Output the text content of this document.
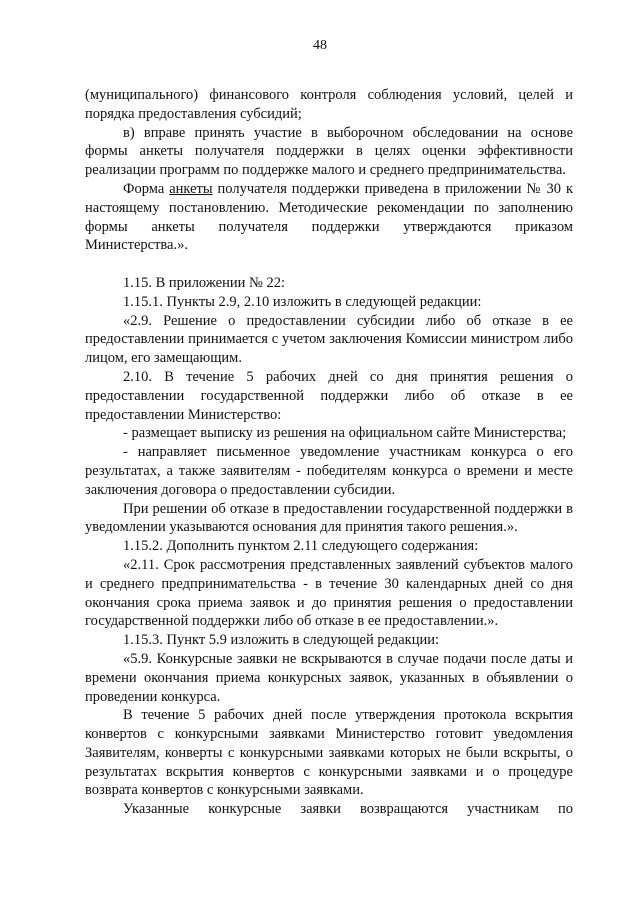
48

(муниципального) финансового контроля соблюдения условий, целей и порядка предоставления субсидий;

в) вправе принять участие в выборочном обследовании на основе формы анкеты получателя поддержки в целях оценки эффективности реализации программ по поддержке малого и среднего предпринимательства.

Форма анкеты получателя поддержки приведена в приложении № 30 к настоящему постановлению. Методические рекомендации по заполнению формы анкеты получателя поддержки утверждаются приказом Министерства.».

1.15. В приложении № 22:

1.15.1. Пункты 2.9, 2.10 изложить в следующей редакции:

«2.9. Решение о предоставлении субсидии либо об отказе в ее предоставлении принимается с учетом заключения Комиссии министром либо лицом, его замещающим.

2.10. В течение 5 рабочих дней со дня принятия решения о предоставлении государственной поддержки либо об отказе в ее предоставлении Министерство:

- размещает выписку из решения на официальном сайте Министерства;

- направляет письменное уведомление участникам конкурса о его результатах, а также заявителям - победителям конкурса о времени и месте заключения договора о предоставлении субсидии.

При решении об отказе в предоставлении государственной поддержки в уведомлении указываются основания для принятия такого решения.».

1.15.2. Дополнить пунктом 2.11 следующего содержания:

«2.11. Срок рассмотрения представленных заявлений субъектов малого и среднего предпринимательства - в течение 30 календарных дней со дня окончания срока приема заявок и до принятия решения о предоставлении государственной поддержки либо об отказе в ее предоставлении.».

1.15.3. Пункт 5.9 изложить в следующей редакции:

«5.9. Конкурсные заявки не вскрываются в случае подачи после даты и времени окончания приема конкурсных заявок, указанных в объявлении о проведении конкурса.

В течение 5 рабочих дней после утверждения протокола вскрытия конвертов с конкурсными заявками Министерство готовит уведомления Заявителям, конверты с конкурсными заявками которых не были вскрыты, о результатах вскрытия конвертов с конкурсными заявками и о процедуре возврата конвертов с конкурсными заявками.

Указанные конкурсные заявки возвращаются участникам по
